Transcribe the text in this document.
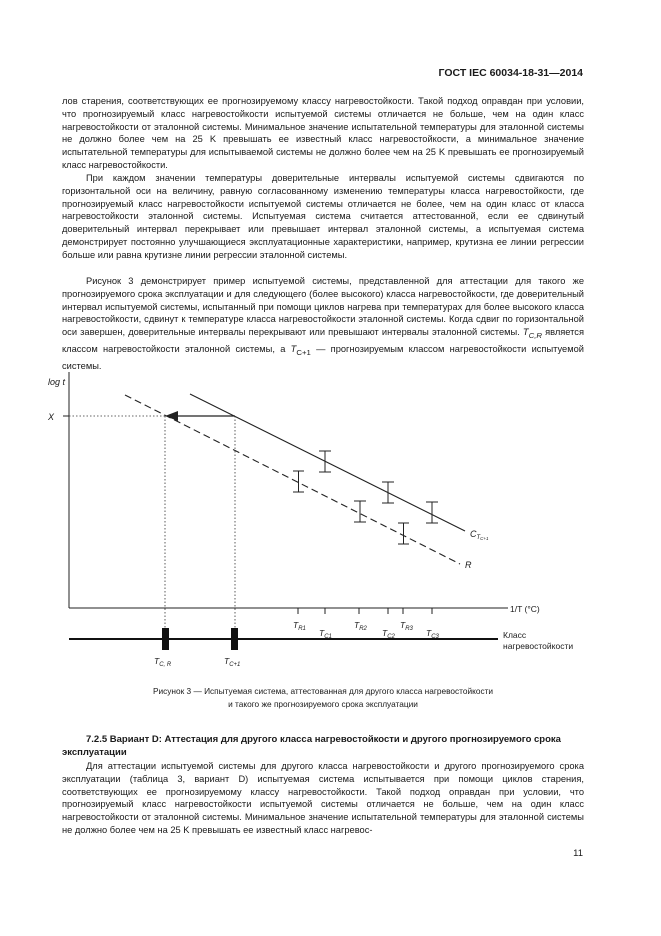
ГОСТ IEC 60034-18-31—2014

лов старения, соответствующих ее прогнозируемому классу нагревостойкости. Такой подход оправдан при условии, что прогнозируемый класс нагревостойкости испытуемой системы отличается не больше, чем на один класс нагревостойкости от эталонной системы. Минимальное значение испытательной температуры для эталонной системы не должно более чем на 25 K превышать ее известный класс нагревостойкости, а минимальное значение испытательной температуры для испытываемой системы не должно более чем на 25 K превышать ее прогнозируемый класс нагревостойкости.

При каждом значении температуры доверительные интервалы испытуемой системы сдвигаются по горизонтальной оси на величину, равную согласованному изменению температуры класса нагревостойкости, где прогнозируемый класс нагревостойкости испытуемой системы отличается не более, чем на один класс от класса нагревостойкости эталонной системы. Испытуемая система считается аттестованной, если ее сдвинутый доверительный интервал перекрывает или превышает интервал эталонной системы, а испытуемая система демонстрирует постоянно улучшающиеся эксплуатационные характеристики, например, крутизна ее линии регрессии больше или равна крутизне линии регрессии эталонной системы.

Рисунок 3 демонстрирует пример испытуемой системы, представленной для аттестации для такого же прогнозируемого срока эксплуатации и для следующего (более высокого) класса нагревостойкости, где доверительный интервал испытуемой системы, испытанный при помощи циклов нагрева при температурах для более высокого класса нагревостойкости, сдвинут к температуре класса нагревостойкости эталонной системы. Когда сдвиг по горизонтальной оси завершен, доверительные интервалы перекрывают или превышают интервалы эталонной системы. $T_{C,R}$ является классом нагревостойкости эталонной системы, а $T_{C+1}$ — прогнозируемым классом нагревостойкости испытуемой системы.

log t
X
$C_TC+1$
R
$T_{R1}$ $T_{C1}$
$T_{R2}$ $T_{C2}$
$T_{R3}$ $T_{C3}$
1/T (°C)
$T_{C, R}$	$T_{C+1}$
Класс
нагревостойкости
Рисунок 3 — Испытуемая система, аттестованная для другого класса нагревостойкости
и такого же прогнозируемого срока эксплуатации
7.2.5 Вариант D: Аттестация для другого класса нагревостойкости и другого прогнозируемого срока эксплуатации

Для аттестации испытуемой системы для другого класса нагревостойкости и другого прогнозируемого срока эксплуатации (таблица 3, вариант D) испытуемая система испытывается при помощи циклов старения, соответствующих ее прогнозируемому классу нагревостойкости. Такой подход оправдан при условии, что прогнозируемый класс нагревостойкости испытуемой системы отличается не больше, чем на один класс нагревостойкости от эталонной системы. Минимальное значение испытательной температуры для эталонной системы не должно более чем на 25 K превышать ее известный класс нагревос-

11
